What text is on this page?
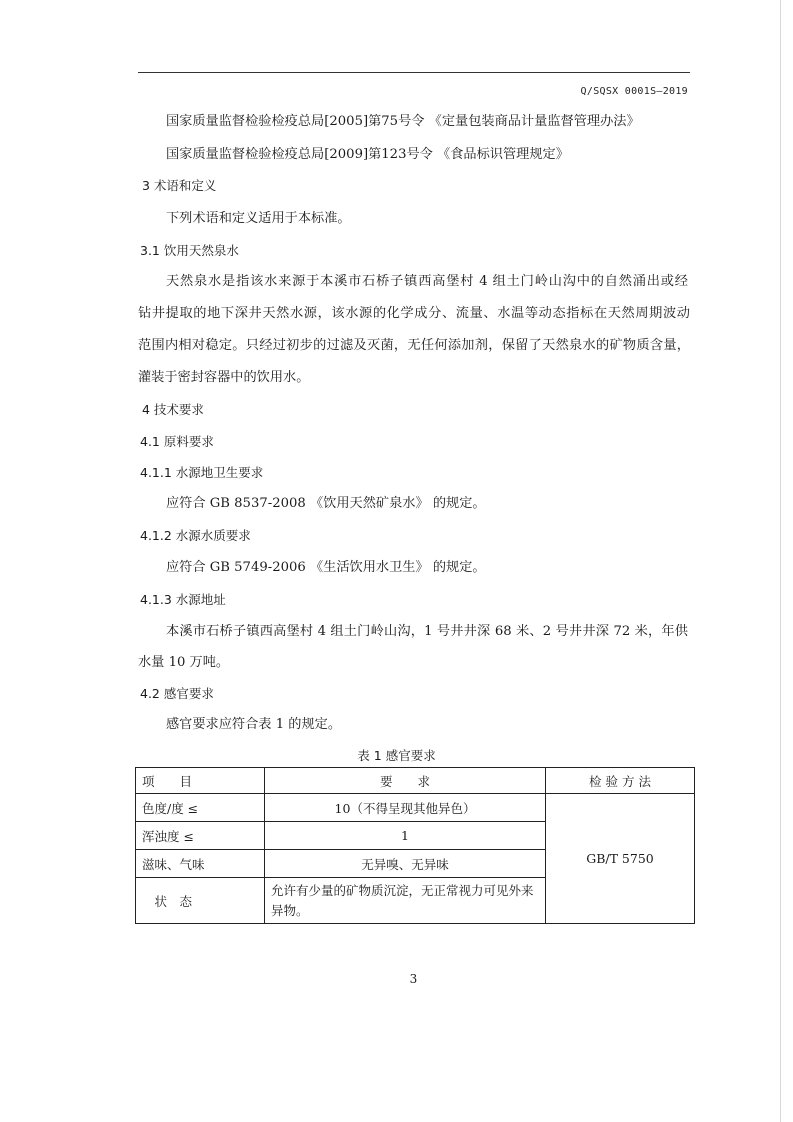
Q/SQSX 0001S—2019
国家质量监督检验检疫总局[2005]第75号令 《定量包装商品计量监督管理办法》
国家质量监督检验检疫总局[2009]第123号令 《食品标识管理规定》
3 术语和定义
下列术语和定义适用于本标准。
3.1 饮用天然泉水
天然泉水是指该水来源于本溪市石桥子镇西高堡村 4 组土门岭山沟中的自然涌出或经
钻井提取的地下深井天然水源，该水源的化学成分、流量、水温等动态指标在天然周期波动
范围内相对稳定。只经过初步的过滤及灭菌，无任何添加剂，保留了天然泉水的矿物质含量，
灌装于密封容器中的饮用水。
4 技术要求
4.1 原料要求
4.1.1 水源地卫生要求
应符合 GB 8537-2008 《饮用天然矿泉水》 的规定。
4.1.2 水源水质要求
应符合 GB 5749-2006 《生活饮用水卫生》 的规定。
4.1.3 水源地址
本溪市石桥子镇西高堡村 4 组土门岭山沟，1 号井井深 68 米、2 号井井深 72 米，年供
水量 10 万吨。
4.2 感官要求
感官要求应符合表 1 的规定。
表 1 感官要求
项　　目	要　　求	检 验 方 法
色度/度 ≤	10（不得呈现其他异色）	GB/T 5750
浑浊度 ≤	1	
滋味、气味	无异嗅、无异味	
　状　态	允许有少量的矿物质沉淀，无正常视力可见外来异物。	
3
